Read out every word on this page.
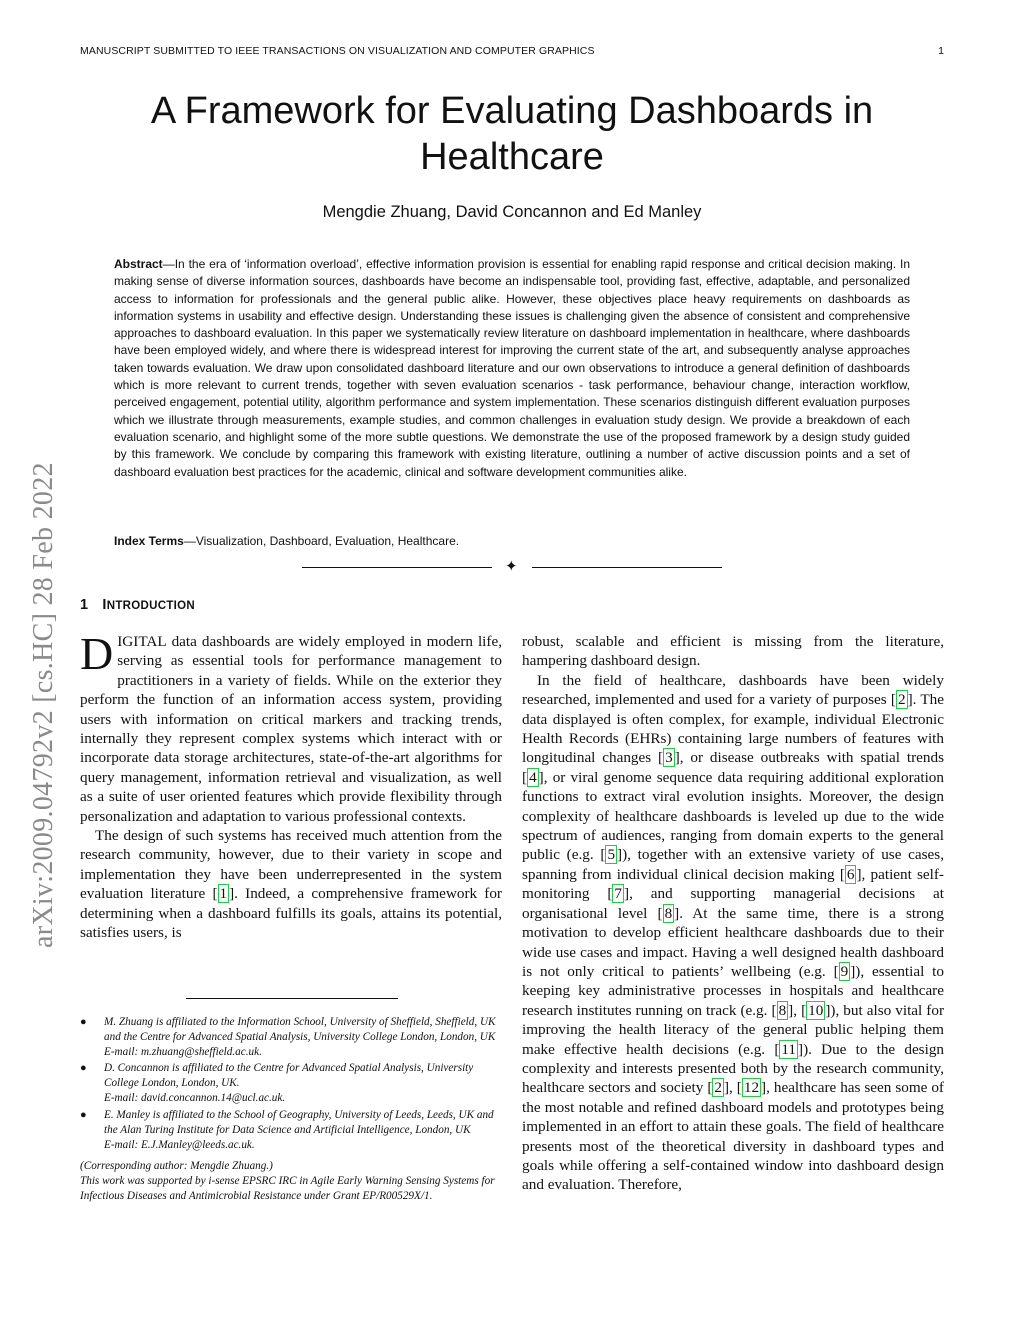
MANUSCRIPT SUBMITTED TO IEEE TRANSACTIONS ON VISUALIZATION AND COMPUTER GRAPHICS	1
A Framework for Evaluating Dashboards in Healthcare
Mengdie Zhuang, David Concannon and Ed Manley

Abstract—In the era of ‘information overload’, effective information provision is essential for enabling rapid response and critical decision making. In making sense of diverse information sources, dashboards have become an indispensable tool, providing fast, effective, adaptable, and personalized access to information for professionals and the general public alike. However, these objectives place heavy requirements on dashboards as information systems in usability and effective design. Understanding these issues is challenging given the absence of consistent and comprehensive approaches to dashboard evaluation. In this paper we systematically review literature on dashboard implementation in healthcare, where dashboards have been employed widely, and where there is widespread interest for improving the current state of the art, and subsequently analyse approaches taken towards evaluation. We draw upon consolidated dashboard literature and our own observations to introduce a general definition of dashboards which is more relevant to current trends, together with seven evaluation scenarios - task performance, behaviour change, interaction workflow, perceived engagement, potential utility, algorithm performance and system implementation. These scenarios distinguish different evaluation purposes which we illustrate through measurements, example studies, and common challenges in evaluation study design. We provide a breakdown of each evaluation scenario, and highlight some of the more subtle questions. We demonstrate the use of the proposed framework by a design study guided by this framework. We conclude by comparing this framework with existing literature, outlining a number of active discussion points and a set of dashboard evaluation best practices for the academic, clinical and software development communities alike.

Index Terms—Visualization, Dashboard, Evaluation, Healthcare.
✦
1 INTRODUCTION

DIGITAL data dashboards are widely employed in modern life, serving as essential tools for performance management to practitioners in a variety of fields. While on the exterior they perform the function of an information access system, providing users with information on critical markers and tracking trends, internally they represent complex systems which interact with or incorporate data storage architectures, state-of-the-art algorithms for query management, information retrieval and visualization, as well as a suite of user oriented features which provide flexibility through personalization and adaptation to various professional contexts.

The design of such systems has received much attention from the research community, however, due to their variety in scope and implementation they have been underrepresented in the system evaluation literature [ 1 ]. Indeed, a comprehensive framework for determining when a dashboard fulfills its goals, attains its potential, satisfies users, is

● M. Zhuang is affiliated to the Information School, University of Sheffield, Sheffield, UK and the Centre for Advanced Spatial Analysis, University College London, London, UK
E-mail: m.zhuang@sheffield.ac.uk.
● D. Concannon is affiliated to the Centre for Advanced Spatial Analysis, University College London, London, UK.
E-mail: david.concannon.14@ucl.ac.uk.
● E. Manley is affiliated to the School of Geography, University of Leeds, Leeds, UK and the Alan Turing Institute for Data Science and Artificial Intelligence, London, UK
E-mail: E.J.Manley@leeds.ac.uk.
(Corresponding author: Mengdie Zhuang.)
This work was supported by i-sense EPSRC IRC in Agile Early Warning Sensing Systems for Infectious Diseases and Antimicrobial Resistance under Grant EP/R00529X/1.

robust, scalable and efficient is missing from the literature, hampering dashboard design.

In the field of healthcare, dashboards have been widely researched, implemented and used for a variety of purposes [ 2 ]. The data displayed is often complex, for example, individual Electronic Health Records (EHRs) containing large numbers of features with longitudinal changes [ 3 ], or disease outbreaks with spatial trends [ 4 ], or viral genome sequence data requiring additional exploration functions to extract viral evolution insights. Moreover, the design complexity of healthcare dashboards is leveled up due to the wide spectrum of audiences, ranging from domain experts to the general public (e.g. [ 5 ]), together with an extensive variety of use cases, spanning from individual clinical decision making [ 6 ], patient self-monitoring [ 7 ], and supporting managerial decisions at organisational level [ 8 ]. At the same time, there is a strong motivation to develop efficient healthcare dashboards due to their wide use cases and impact. Having a well designed health dashboard is not only critical to patients’ wellbeing (e.g. [ 9 ]), essential to keeping key administrative processes in hospitals and healthcare research institutes running on track (e.g. [ 8 ], [ 10 ]), but also vital for improving the health literacy of the general public helping them make effective health decisions (e.g. [ 11 ]). Due to the design complexity and interests presented both by the research community, healthcare sectors and society [ 2 ], [ 12 ], healthcare has seen some of the most notable and refined dashboard models and prototypes being implemented in an effort to attain these goals. The field of healthcare presents most of the theoretical diversity in dashboard types and goals while offering a self-contained window into dashboard design and evaluation. Therefore,

arXiv:2009.04792v2 [cs.HC] 28 Feb 2022
